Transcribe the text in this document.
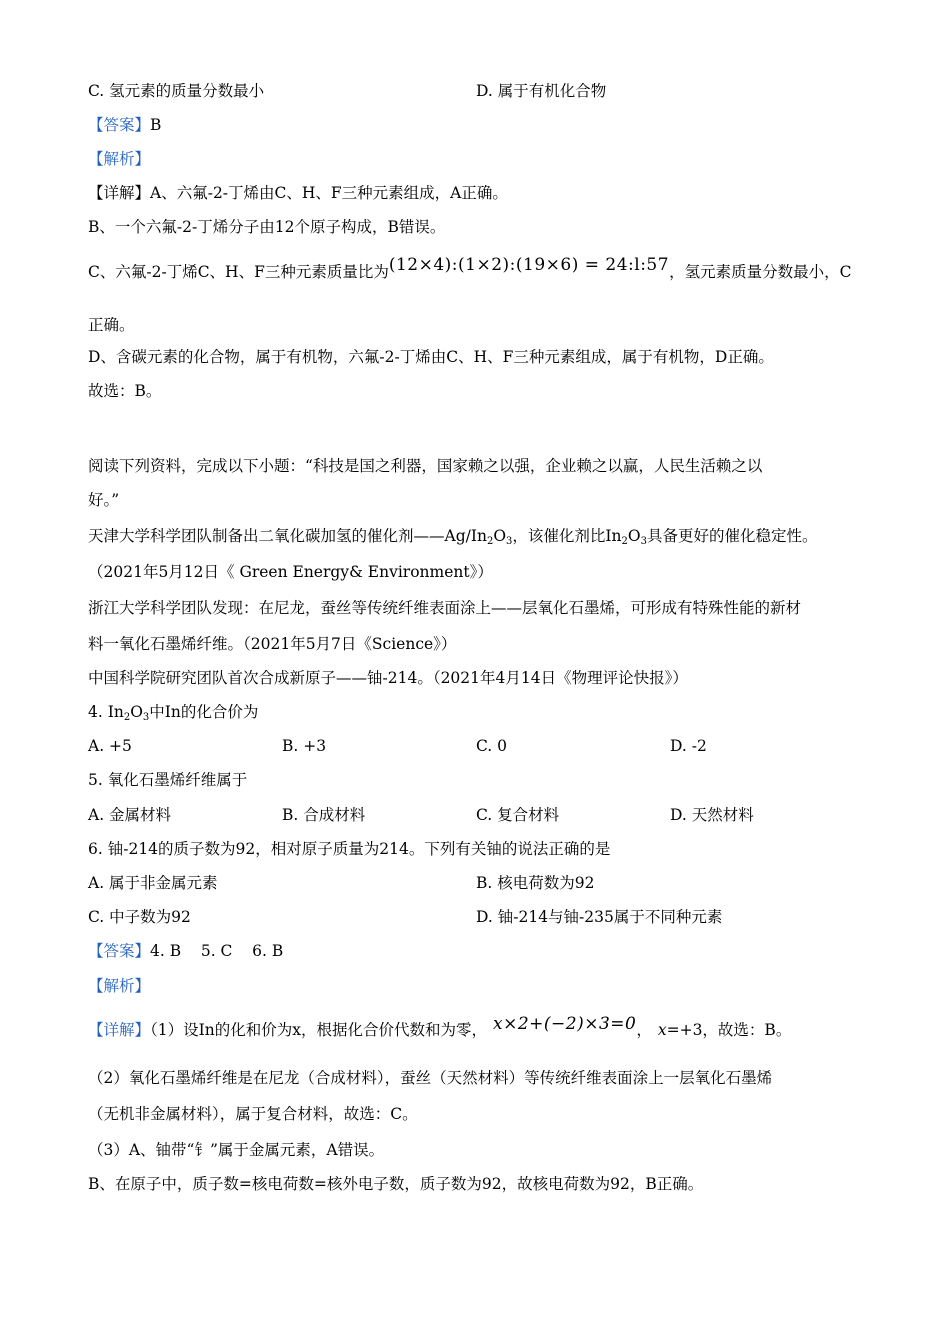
C. 氢元素的质量分数最小	D. 属于有机化合物
【答案】B
【解析】
【详解】A、六氟-2-丁烯由C、H、F三种元素组成，A正确。
B、一个六氟-2-丁烯分子由12个原子构成，B错误。
C、六氟-2-丁烯C、H、F三种元素质量比为(12×4):(1×2):(19×6) = 24:l:57，氢元素质量分数最小，C
正确。
D、含碳元素的化合物，属于有机物，六氟-2-丁烯由C、H、F三种元素组成，属于有机物，D正确。
故选：B。
阅读下列资料，完成以下小题：“科技是国之利器，国家赖之以强，企业赖之以赢，人民生活赖之以
好。”
天津大学科学团队制备出二氧化碳加氢的催化剂$——Ag/In_2O_3$，该催化剂比$In_2O_3$具备更好的催化稳定性。
（2021年5月12日《 Green Energy& Environment》）
浙江大学科学团队发现：在尼龙，蚕丝等传统纤维表面涂上——层氧化石墨烯，可形成有特殊性能的新材
料一氧化石墨烯纤维。（2021年5月7日《Science》）
中国科学院研究团队首次合成新原子——铀-214。（2021年4月14日《物理评论快报》）
4. $In_2O_3$中In的化合价为
A. +5	B. +3	C. 0	D. -2
5. 氧化石墨烯纤维属于
A. 金属材料	B. 合成材料	C. 复合材料	D. 天然材料
6. 铀-214的质子数为92，相对原子质量为214。下列有关铀的说法正确的是
A. 属于非金属元素	B. 核电荷数为92
C. 中子数为92	D. 铀-214与铀-235属于不同种元素
【答案】4. B    5. C    6. B
【解析】
【详解】（1）设In的化和价为x，根据化合价代数和为零， x×2+(−2)×3=0， x=+3，故选：B。
（2）氧化石墨烯纤维是在尼龙（合成材料），蚕丝（天然材料）等传统纤维表面涂上一层氧化石墨烯
（无机非金属材料），属于复合材料，故选：C。
（3）A、铀带“钅”属于金属元素，A错误。
B、在原子中，质子数=核电荷数=核外电子数，质子数为92，故核电荷数为92，B正确。
